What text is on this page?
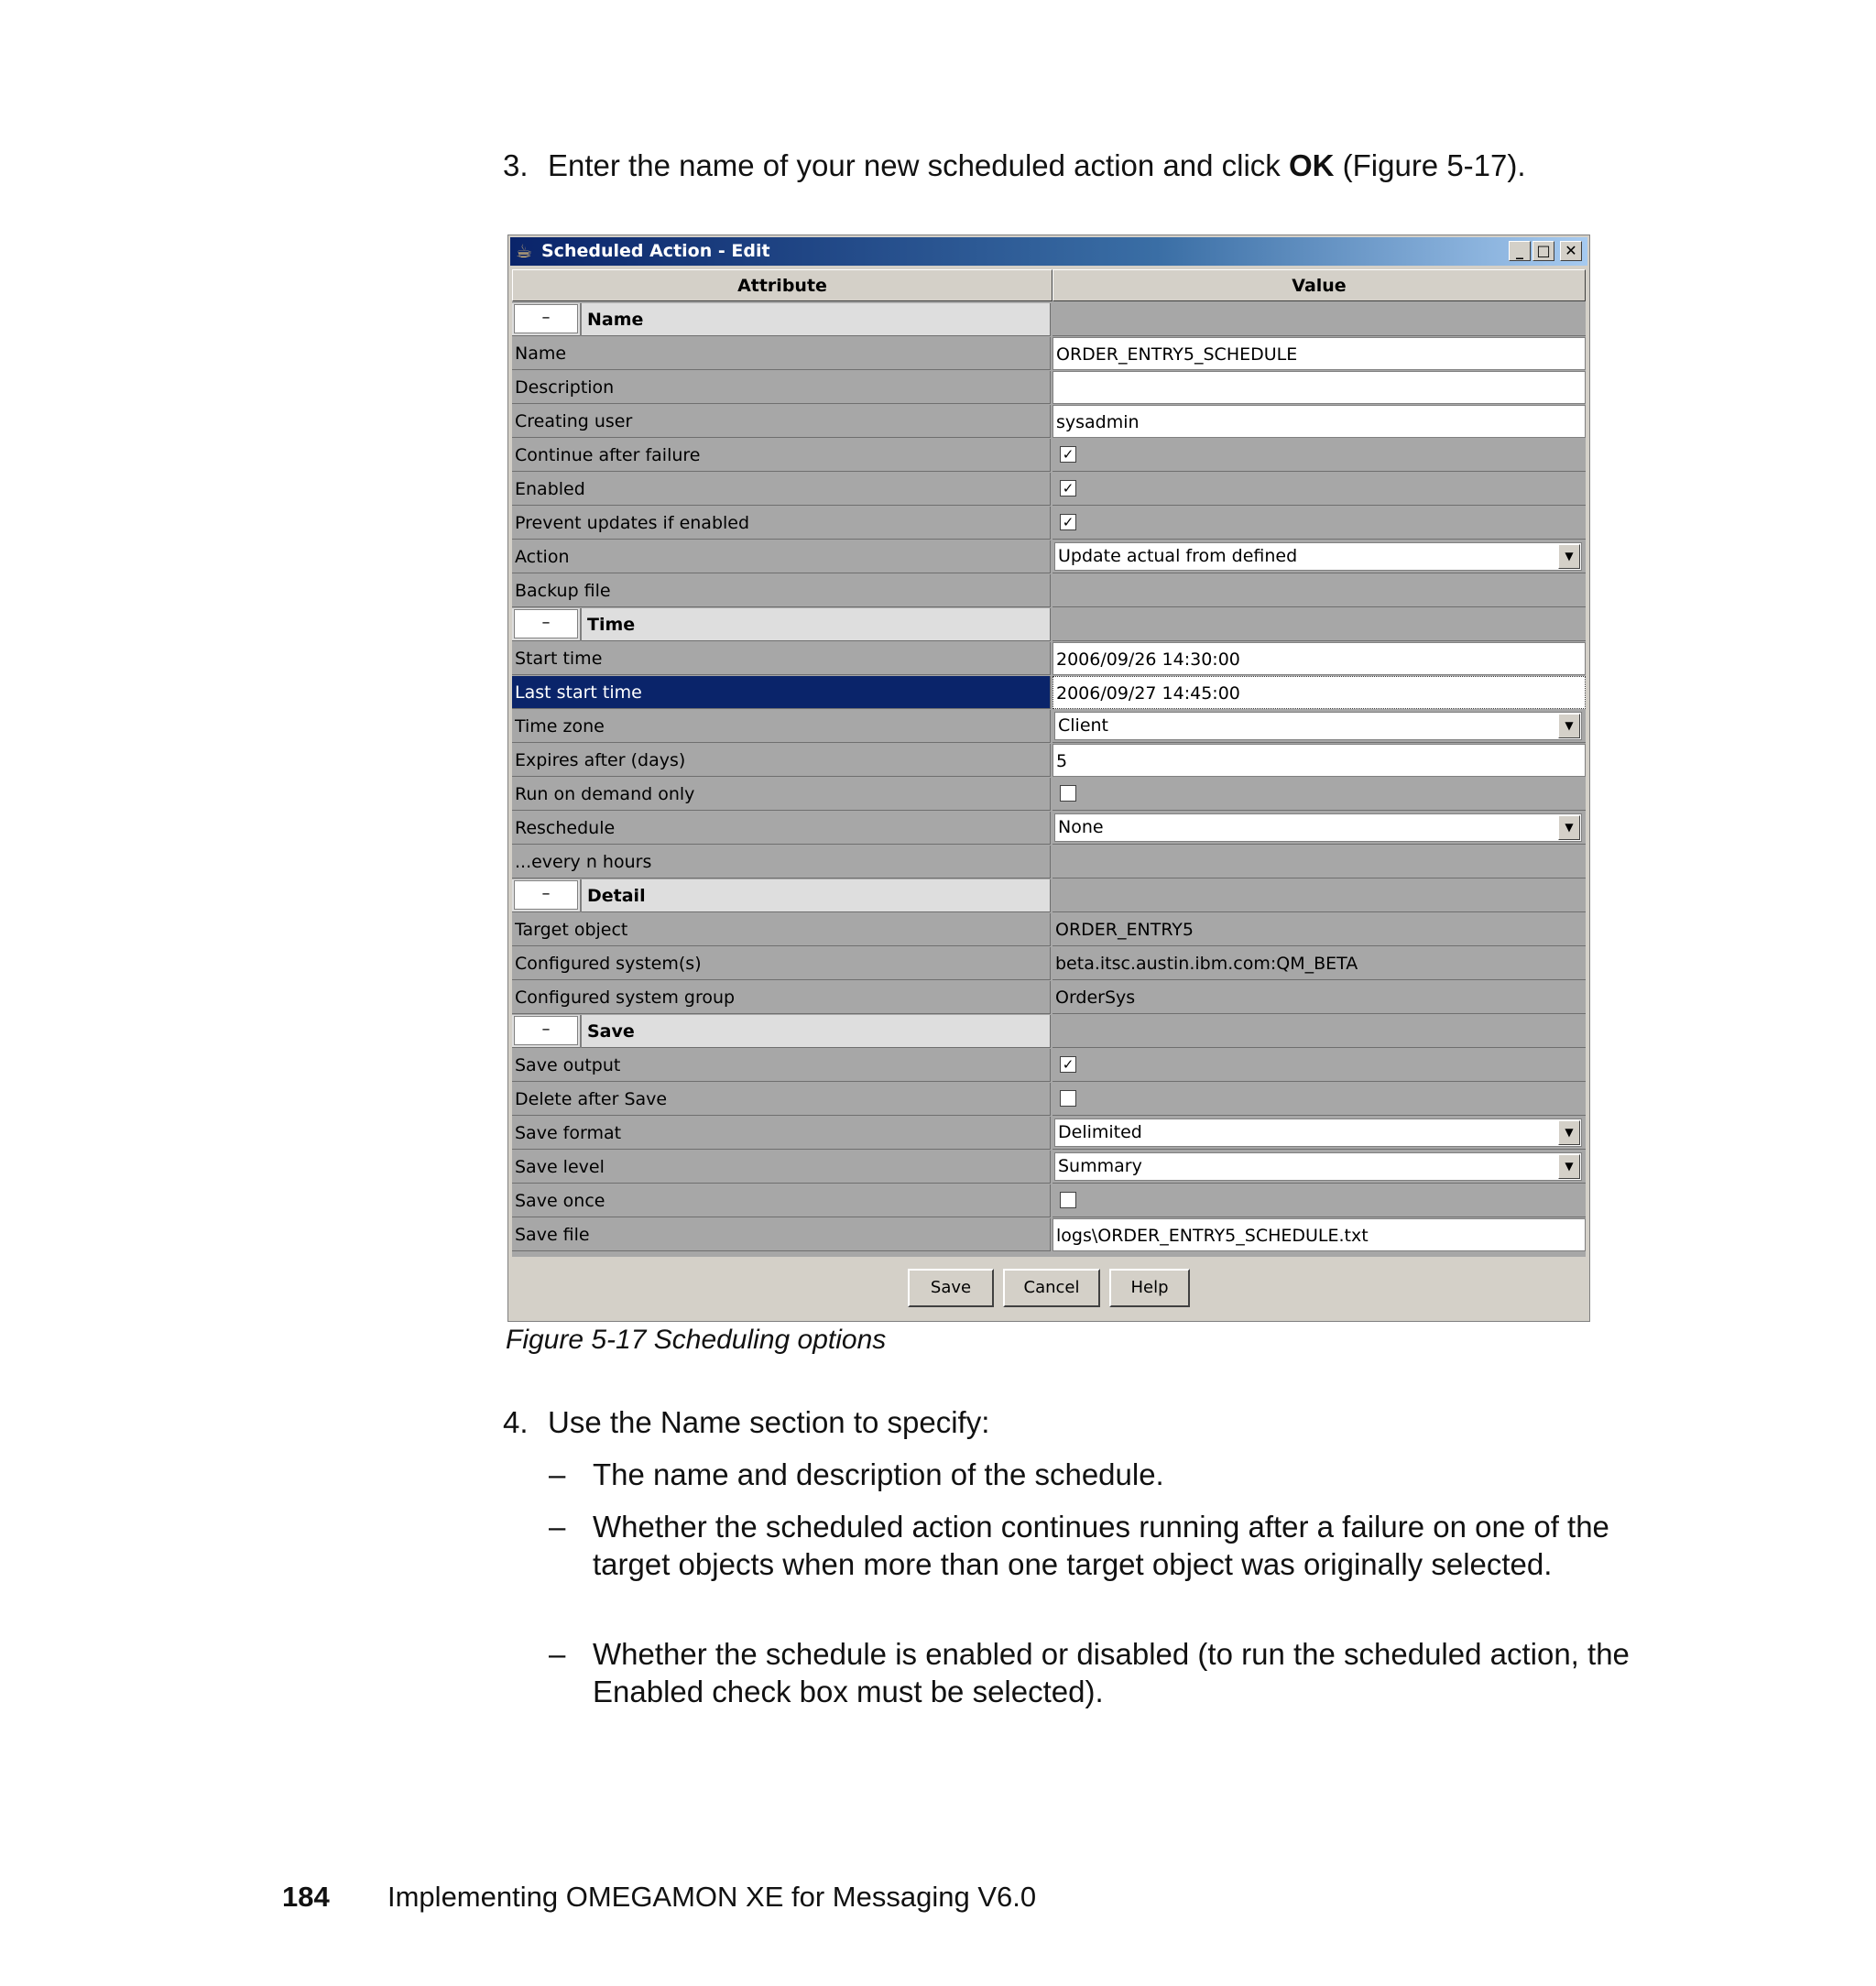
3. Enter the name of your new scheduled action and click OK (Figure 5-17).
☕ Scheduled Action - Edit	_ □ ✕
Attribute	Value
–	Name
Name	ORDER_ENTRY5_SCHEDULE
Description
Creating user	sysadmin
Continue after failure	✓
Enabled	✓
Prevent updates if enabled	✓
Action	Update actual from defined	▼
Backup file
–	Time
Start time	2006/09/26 14:30:00
Last start time	2006/09/27 14:45:00
Time zone	Client	▼
Expires after (days)	5
Run on demand only
Reschedule	None	▼
...every n hours
–	Detail
Target object	ORDER_ENTRY5
Configured system(s)	beta.itsc.austin.ibm.com:QM_BETA
Configured system group	OrderSys
–	Save
Save output	✓
Delete after Save
Save format	Delimited	▼
Save level	Summary	▼
Save once
Save file	logs\ORDER_ENTRY5_SCHEDULE.txt
Save	Cancel	Help
Figure 5-17 Scheduling options
4. Use the Name section to specify:
– The name and description of the schedule.
– Whether the scheduled action continues running after a failure on one of the target objects when more than one target object was originally selected.
– Whether the schedule is enabled or disabled (to run the scheduled action, the Enabled check box must be selected).
184 Implementing OMEGAMON XE for Messaging V6.0
